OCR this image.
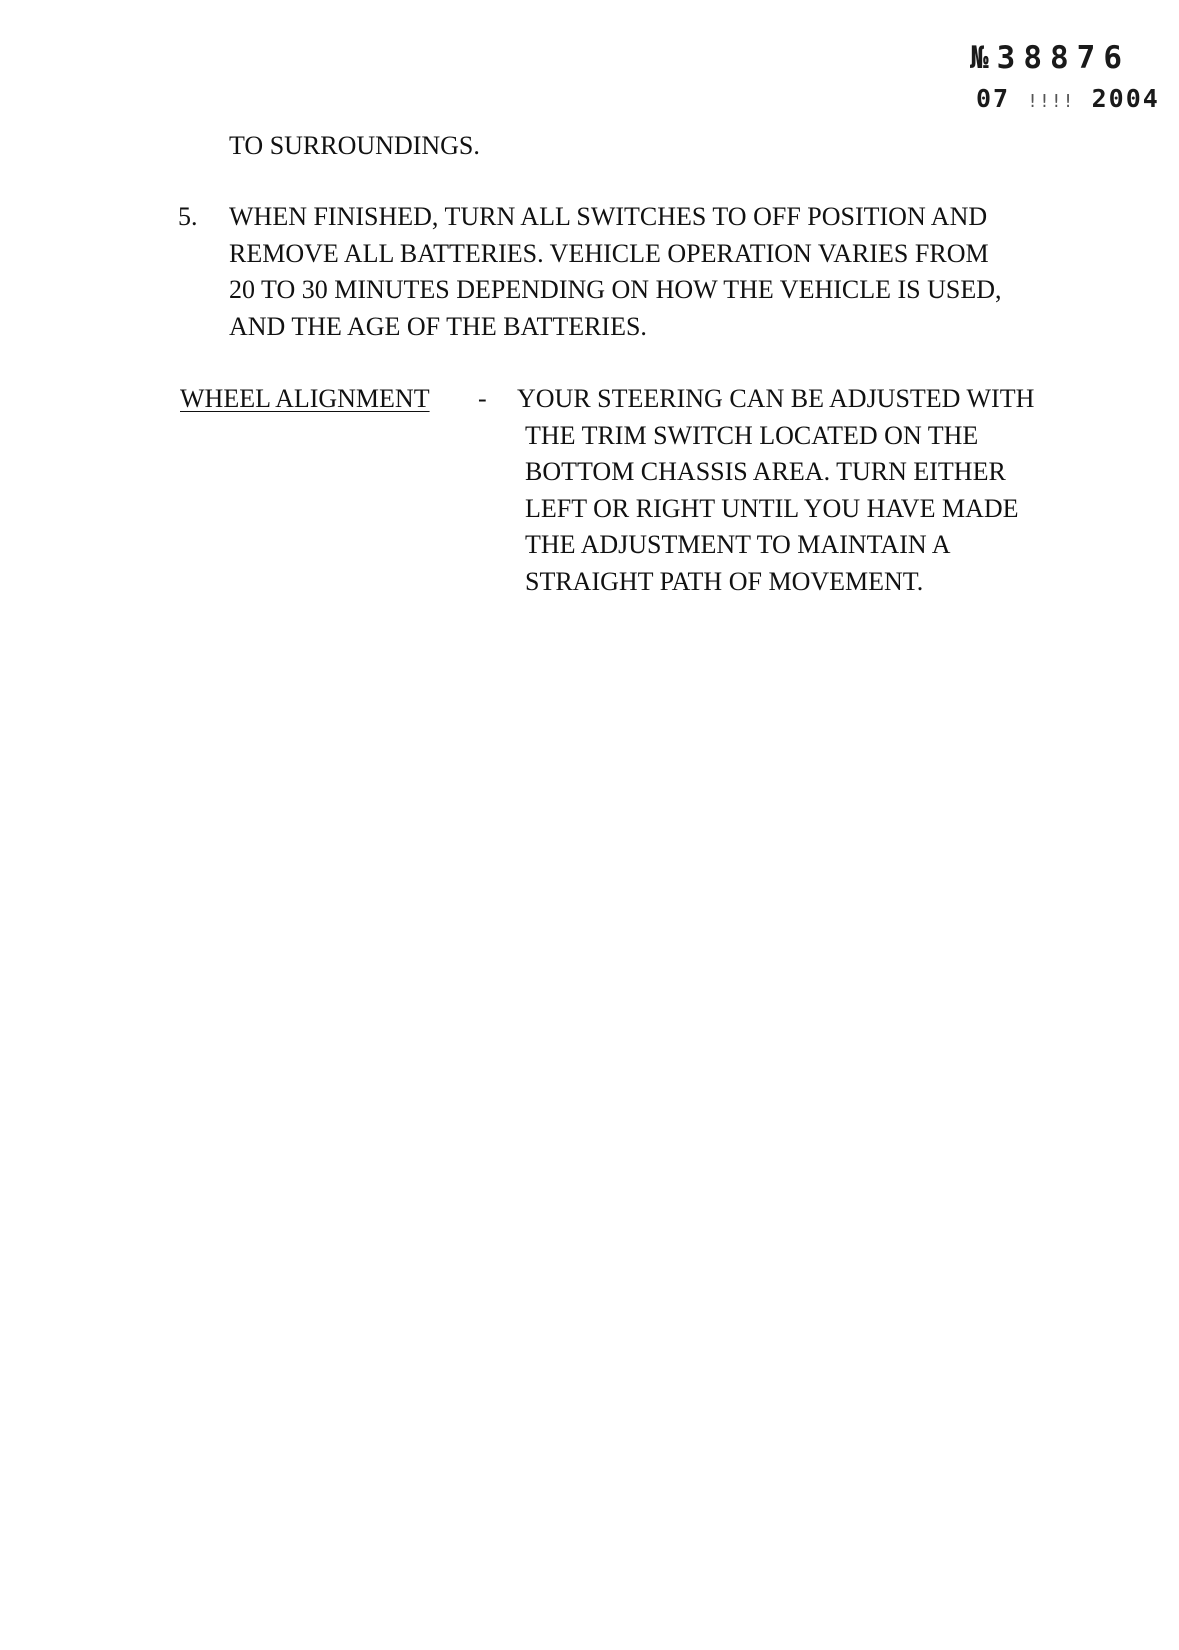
№38876
07 !!!! 2004
TO SURROUNDINGS.
5. WHEN FINISHED, TURN ALL SWITCHES TO OFF POSITION AND
REMOVE ALL BATTERIES. VEHICLE OPERATION VARIES FROM
20 TO 30 MINUTES DEPENDING ON HOW THE VEHICLE IS USED,
AND THE AGE OF THE BATTERIES.
WHEEL ALIGNMENT - YOUR STEERING CAN BE ADJUSTED WITH
THE TRIM SWITCH LOCATED ON THE
BOTTOM CHASSIS AREA. TURN EITHER
LEFT OR RIGHT UNTIL YOU HAVE MADE
THE ADJUSTMENT TO MAINTAIN A
STRAIGHT PATH OF MOVEMENT.
